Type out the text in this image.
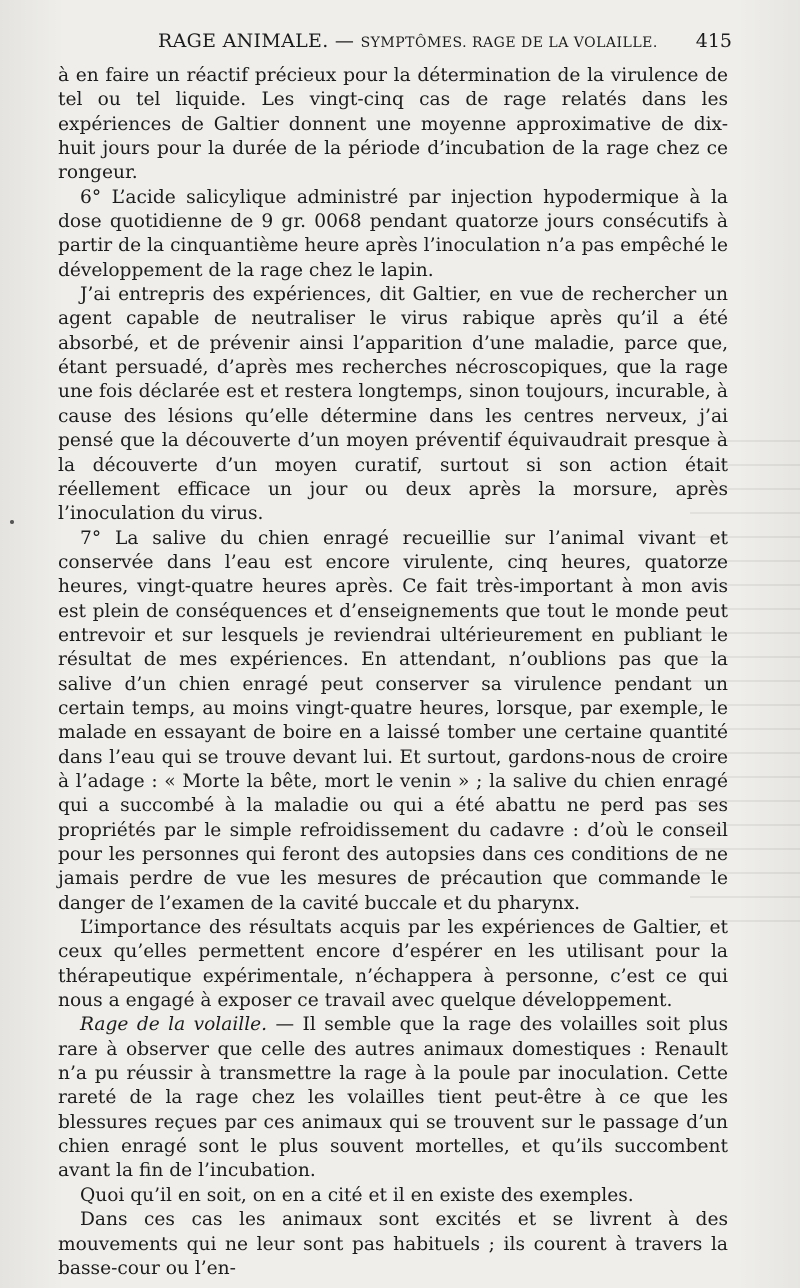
RAGE ANIMALE. — SYMPTÔMES. RAGE DE LA VOLAILLE. 415

à en faire un réactif précieux pour la détermination de la virulence de tel ou tel liquide. Les vingt-cinq cas de rage relatés dans les expériences de Galtier donnent une moyenne approximative de dix-huit jours pour la durée de la période d’incubation de la rage chez ce rongeur.

6° L’acide salicylique administré par injection hypodermique à la dose quotidienne de 9 gr. 0068 pendant quatorze jours consécutifs à partir de la cinquantième heure après l’inoculation n’a pas empêché le développement de la rage chez le lapin.

J’ai entrepris des expériences, dit Galtier, en vue de rechercher un agent capable de neutraliser le virus rabique après qu’il a été absorbé, et de prévenir ainsi l’apparition d’une maladie, parce que, étant persuadé, d’après mes recherches nécroscopiques, que la rage une fois déclarée est et restera longtemps, sinon toujours, incurable, à cause des lésions qu’elle détermine dans les centres nerveux, j’ai pensé que la découverte d’un moyen préventif équivaudrait presque à la découverte d’un moyen curatif, surtout si son action était réellement efficace un jour ou deux après la morsure, après l’inoculation du virus.

7° La salive du chien enragé recueillie sur l’animal vivant et conservée dans l’eau est encore virulente, cinq heures, quatorze heures, vingt-quatre heures après. Ce fait très-important à mon avis est plein de conséquences et d’enseignements que tout le monde peut entrevoir et sur lesquels je reviendrai ultérieurement en publiant le résultat de mes expériences. En attendant, n’oublions pas que la salive d’un chien enragé peut conserver sa virulence pendant un certain temps, au moins vingt-quatre heures, lorsque, par exemple, le malade en essayant de boire en a laissé tomber une certaine quantité dans l’eau qui se trouve devant lui. Et surtout, gardons-nous de croire à l’adage : « Morte la bête, mort le venin » ; la salive du chien enragé qui a succombé à la maladie ou qui a été abattu ne perd pas ses propriétés par le simple refroidissement du cadavre : d’où le conseil pour les personnes qui feront des autopsies dans ces conditions de ne jamais perdre de vue les mesures de précaution que commande le danger de l’examen de la cavité buccale et du pharynx.

L’importance des résultats acquis par les expériences de Galtier, et ceux qu’elles permettent encore d’espérer en les utilisant pour la thérapeutique expérimentale, n’échappera à personne, c’est ce qui nous a engagé à exposer ce travail avec quelque développement.

Rage de la volaille. — Il semble que la rage des volailles soit plus rare à observer que celle des autres animaux domestiques : Renault n’a pu réussir à transmettre la rage à la poule par inoculation. Cette rareté de la rage chez les volailles tient peut-être à ce que les blessures reçues par ces animaux qui se trouvent sur le passage d’un chien enragé sont le plus souvent mortelles, et qu’ils succombent avant la fin de l’incubation.

Quoi qu’il en soit, on en a cité et il en existe des exemples.

Dans ces cas les animaux sont excités et se livrent à des mouvements qui ne leur sont pas habituels ; ils courent à travers la basse-cour ou l’en-
